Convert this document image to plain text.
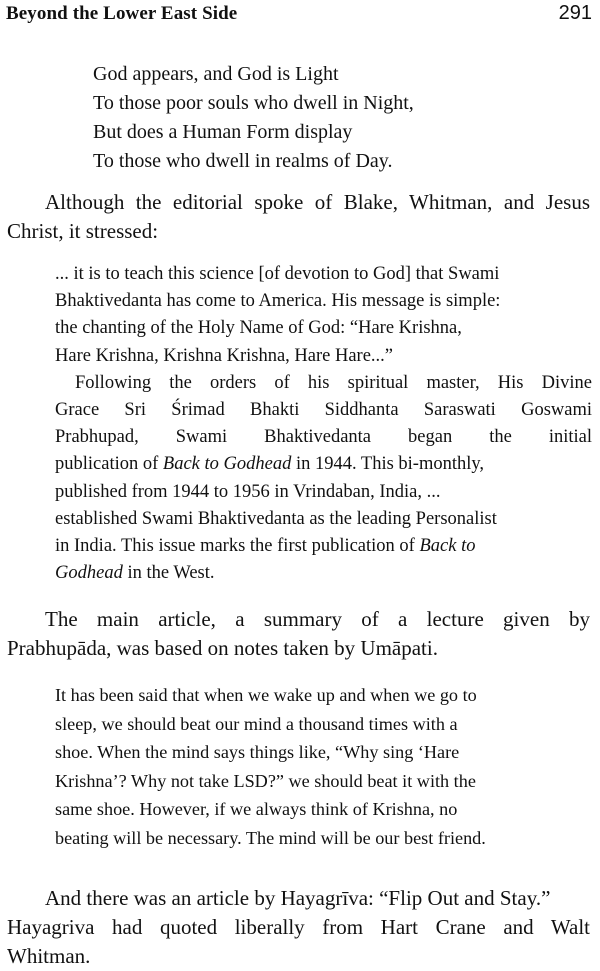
Beyond the Lower East Side	291
God appears, and God is Light
To those poor souls who dwell in Night,
But does a Human Form display
To those who dwell in realms of Day.
Although the editorial spoke of Blake, Whitman, and Jesus
Christ, it stressed:
... it is to teach this science [of devotion to God] that Swami
Bhaktivedanta has come to America. His message is simple:
the chanting of the Holy Name of God: “Hare Krishna,
Hare Krishna, Krishna Krishna, Hare Hare...”
Following the orders of his spiritual master, His Divine
Grace Sri Śrimad Bhakti Siddhanta Saraswati Goswami
Prabhupad, Swami Bhaktivedanta began the initial
publication of Back to Godhead in 1944. This bi-monthly,
published from 1944 to 1956 in Vrindaban, India, ...
established Swami Bhaktivedanta as the leading Personalist
in India. This issue marks the first publication of Back to
Godhead in the West.
The main article, a summary of a lecture given by
Prabhupāda, was based on notes taken by Umāpati.
It has been said that when we wake up and when we go to
sleep, we should beat our mind a thousand times with a
shoe. When the mind says things like, “Why sing ‘Hare
Krishna’? Why not take LSD?” we should beat it with the
same shoe. However, if we always think of Krishna, no
beating will be necessary. The mind will be our best friend.
And there was an article by Hayagrīva: “Flip Out and Stay.”
Hayagriva had quoted liberally from Hart Crane and Walt
Whitman.
